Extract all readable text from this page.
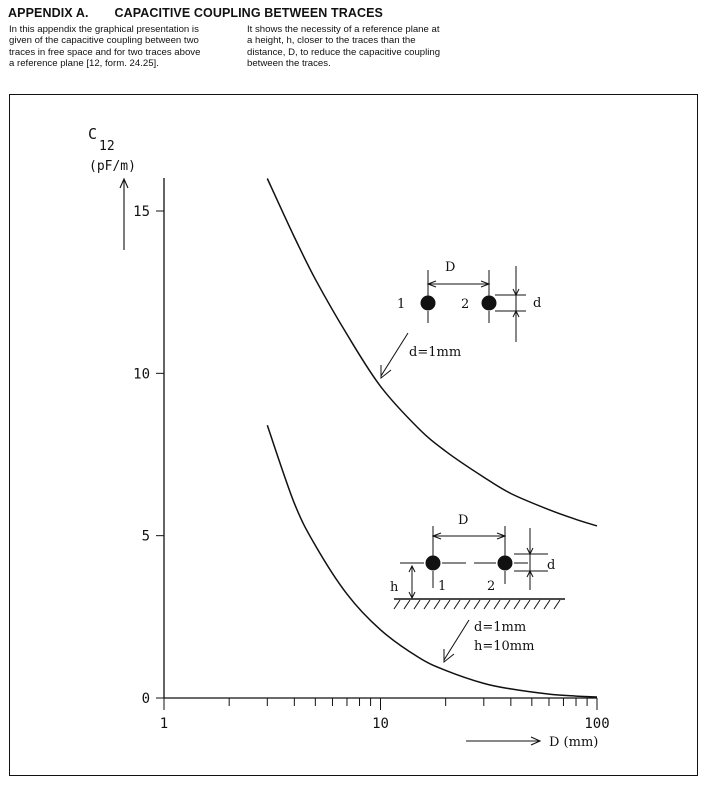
APPENDIX A. CAPACITIVE COUPLING BETWEEN TRACES
In this appendix the graphical presentation is
given of the capacitive coupling between two
traces in free space and for two traces above
a reference plane [12, form. 24.25].
It shows the necessity of a reference plane at
a height, h, closer to the traces than the
distance, D, to reduce the capacitive coupling
between the traces.
15
10
5
0
1	10	100
C
12
(pF/m)
D (mm)
D
1	2	d
d=1mm
D
h	1	2
d
d=1mm
h=10mm
